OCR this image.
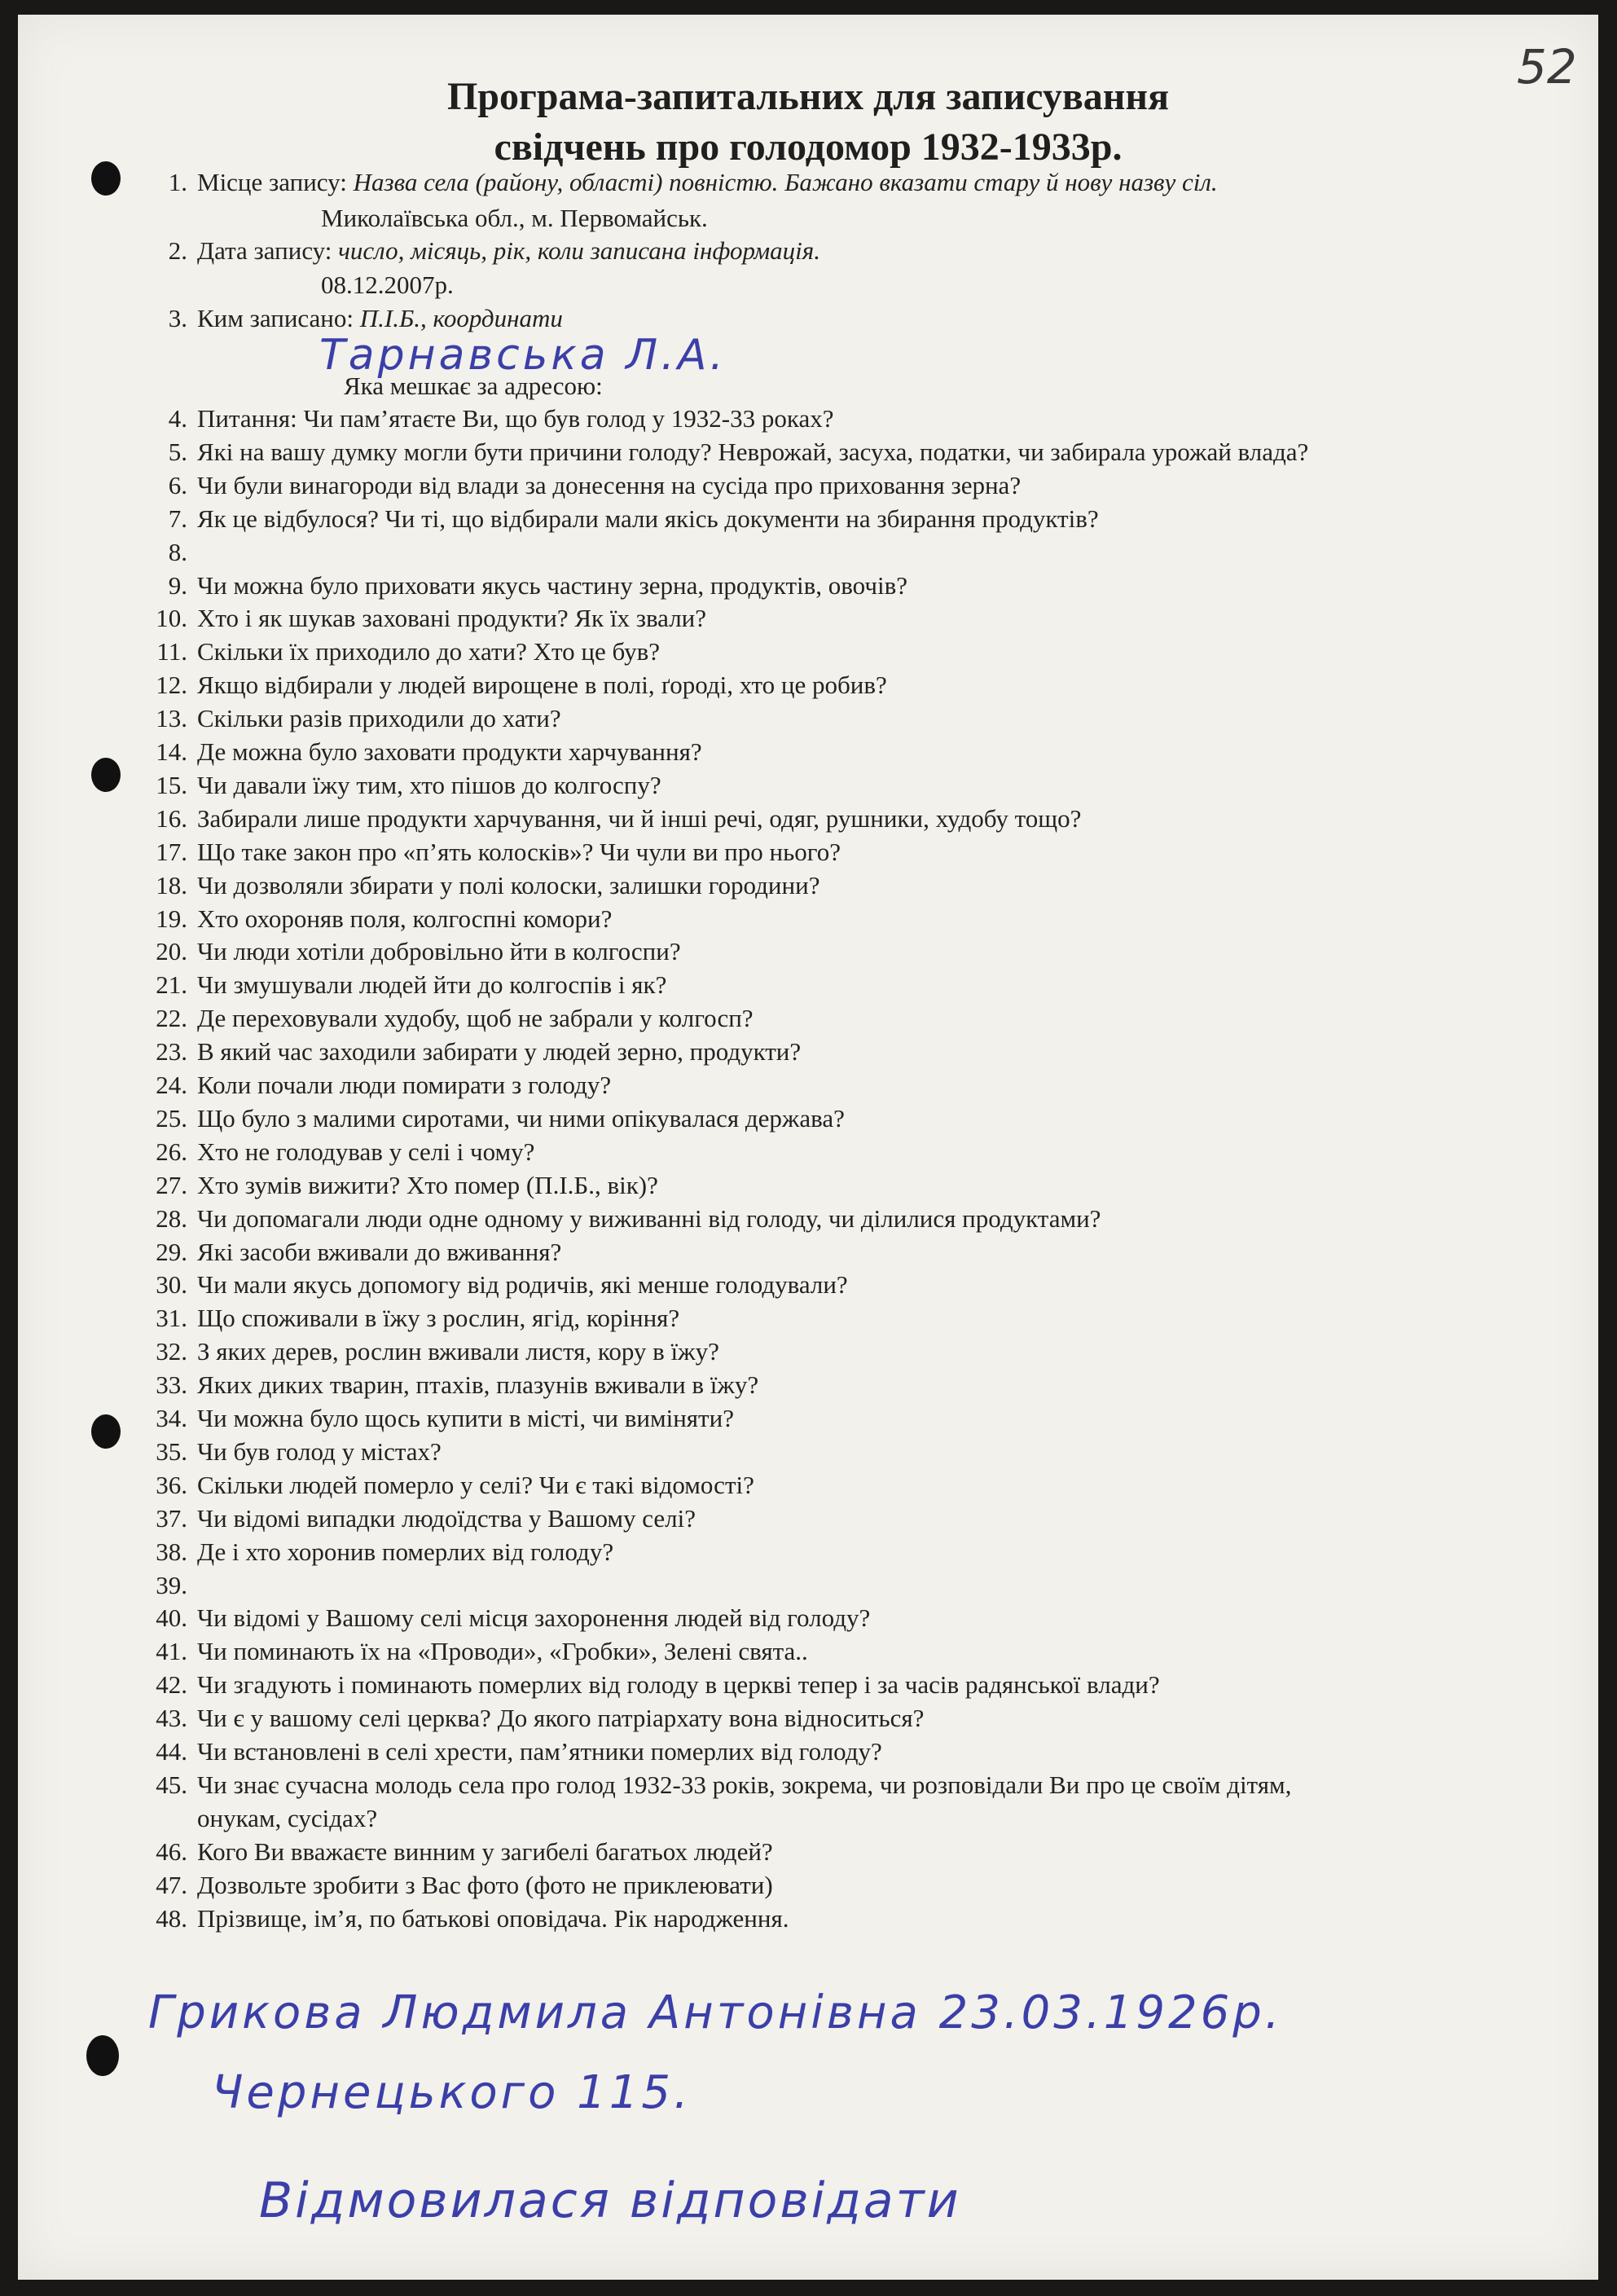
52
Програма-запитальних для записування
свідчень про голодомор 1932-1933р.
1. Місце запису: Назва села (району, області) повністю. Бажано вказати стару й нову назву сіл.
Миколаївська обл., м. Первомайськ.
2. Дата запису: число, місяць, рік, коли записана інформація.
08.12.2007р.
3. Ким записано: П.І.Б., координати
Тарнавська Л.А.
Яка мешкає за адресою:
4. Питання: Чи пам’ятаєте Ви, що був голод у 1932-33 роках?
5. Які на вашу думку могли бути причини голоду? Неврожай, засуха, податки, чи забирала урожай влада?
6. Чи були винагороди від влади за донесення на сусіда про приховання зерна?
7. Як це відбулося? Чи ті, що відбирали мали якісь документи на збирання продуктів?
8.
9. Чи можна було приховати якусь частину зерна, продуктів, овочів?
10. Хто і як шукав заховані продукти? Як їх звали?
11. Скільки їх приходило до хати? Хто це був?
12. Якщо відбирали у людей вирощене в полі, ґороді, хто це робив?
13. Скільки разів приходили до хати?
14. Де можна було заховати продукти харчування?
15. Чи давали їжу тим, хто пішов до колгоспу?
16. Забирали лише продукти харчування, чи й інші речі, одяг, рушники, худобу тощо?
17. Що таке закон про «п’ять колосків»? Чи чули ви про нього?
18. Чи дозволяли збирати у полі колоски, залишки городини?
19. Хто охороняв поля, колгоспні комори?
20. Чи люди хотіли добровільно йти в колгоспи?
21. Чи змушували людей йти до колгоспів і як?
22. Де переховували худобу, щоб не забрали у колгосп?
23. В який час заходили забирати у людей зерно, продукти?
24. Коли почали люди помирати з голоду?
25. Що було з малими сиротами, чи ними опікувалася держава?
26. Хто не голодував у селі і чому?
27. Хто зумів вижити? Хто помер (П.І.Б., вік)?
28. Чи допомагали люди одне одному у виживанні від голоду, чи ділилися продуктами?
29. Які засоби вживали до вживання?
30. Чи мали якусь допомогу від родичів, які менше голодували?
31. Що споживали в їжу з рослин, ягід, коріння?
32. З яких дерев, рослин вживали листя, кору в їжу?
33. Яких диких тварин, птахів, плазунів вживали в їжу?
34. Чи можна було щось купити в місті, чи виміняти?
35. Чи був голод у містах?
36. Скільки людей померло у селі? Чи є такі відомості?
37. Чи відомі випадки людоїдства у Вашому селі?
38. Де і хто хоронив померлих від голоду?
39.
40. Чи відомі у Вашому селі місця захоронення людей від голоду?
41. Чи поминають їх на «Проводи», «Гробки», Зелені свята..
42. Чи згадують і поминають померлих від голоду в церкві тепер і за часів радянської влади?
43. Чи є у вашому селі церква? До якого патріархату вона відноситься?
44. Чи встановлені в селі хрести, пам’ятники померлих від голоду?
45. Чи знає сучасна молодь села про голод 1932-33 років, зокрема, чи розповідали Ви про це своїм дітям,
онукам, сусідах?
46. Кого Ви вважаєте винним у загибелі багатьох людей?
47. Дозвольте зробити з Вас фото (фото не приклеювати)
48. Прізвище, ім’я, по батькові оповідача. Рік народження.
Грикова Людмила Антонівна 23.03.1926р.
Чернецького 115.
Відмовилася відповідати
